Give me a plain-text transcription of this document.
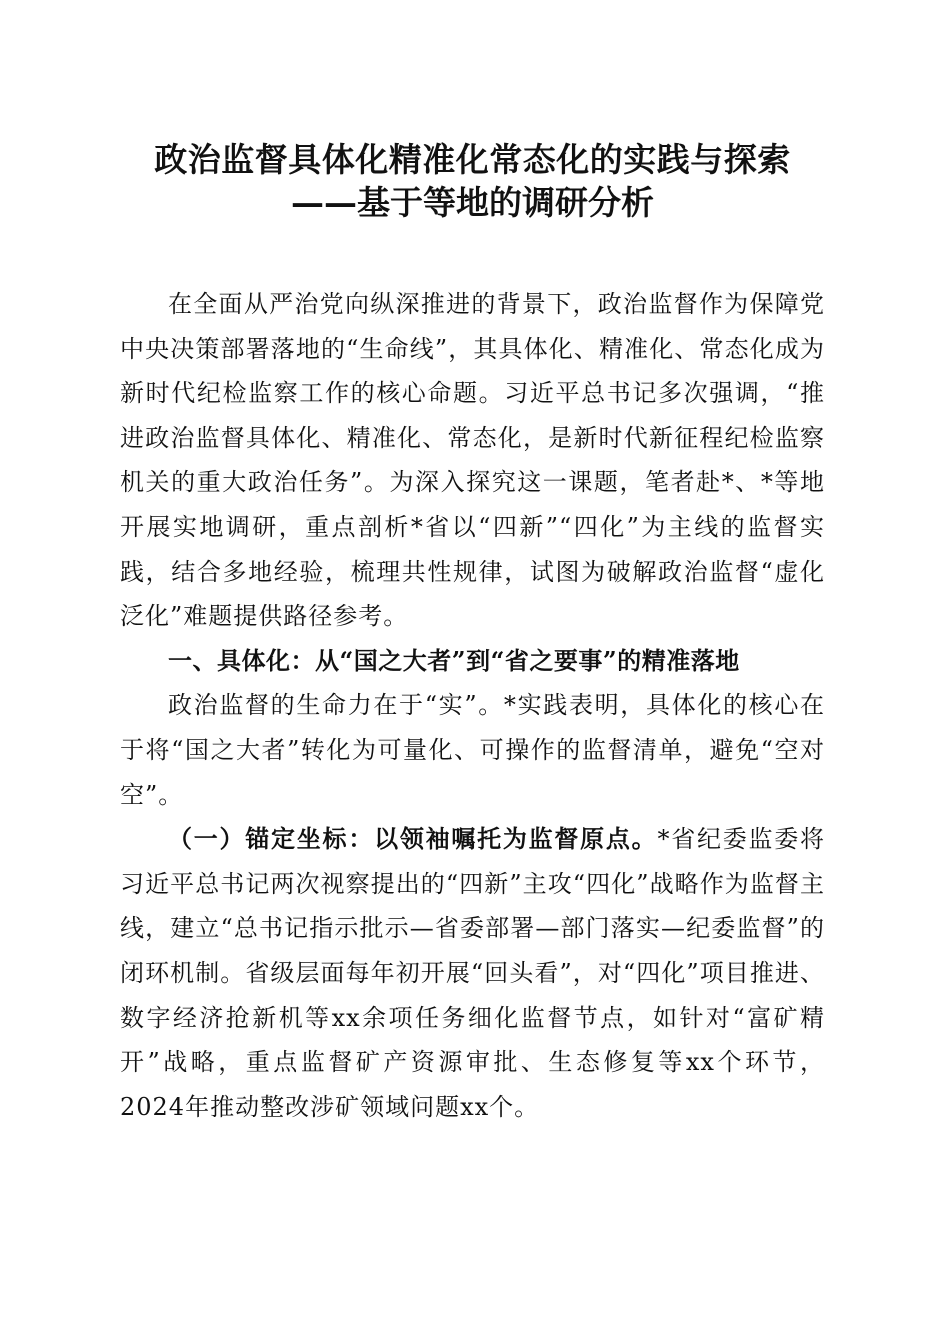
政治监督具体化精准化常态化的实践与探索
——基于等地的调研分析

在全面从严治党向纵深推进的背景下，政治监督作为保障党中央决策部署落地的“生命线”，其具体化、精准化、常态化成为新时代纪检监察工作的核心命题。习近平总书记多次强调，“推进政治监督具体化、精准化、常态化，是新时代新征程纪检监察机关的重大政治任务”。为深入探究这一课题，笔者赴*、*等地开展实地调研，重点剖析*省以“四新”“四化”为主线的监督实践，结合多地经验，梳理共性规律，试图为破解政治监督“虚化泛化”难题提供路径参考。

一、具体化：从“国之大者”到“省之要事”的精准落地

政治监督的生命力在于“实”。*实践表明，具体化的核心在于将“国之大者”转化为可量化、可操作的监督清单，避免“空对空”。

（一）锚定坐标：以领袖嘱托为监督原点。*省纪委监委将习近平总书记两次视察提出的“四新”主攻“四化”战略作为监督主线，建立“总书记指示批示—省委部署—部门落实—纪委监督”的闭环机制。省级层面每年初开展“回头看”，对“四化”项目推进、数字经济抢新机等xx余项任务细化监督节点，如针对“富矿精开”战略，重点监督矿产资源审批、生态修复等xx个环节，2024年推动整改涉矿领域问题xx个。
